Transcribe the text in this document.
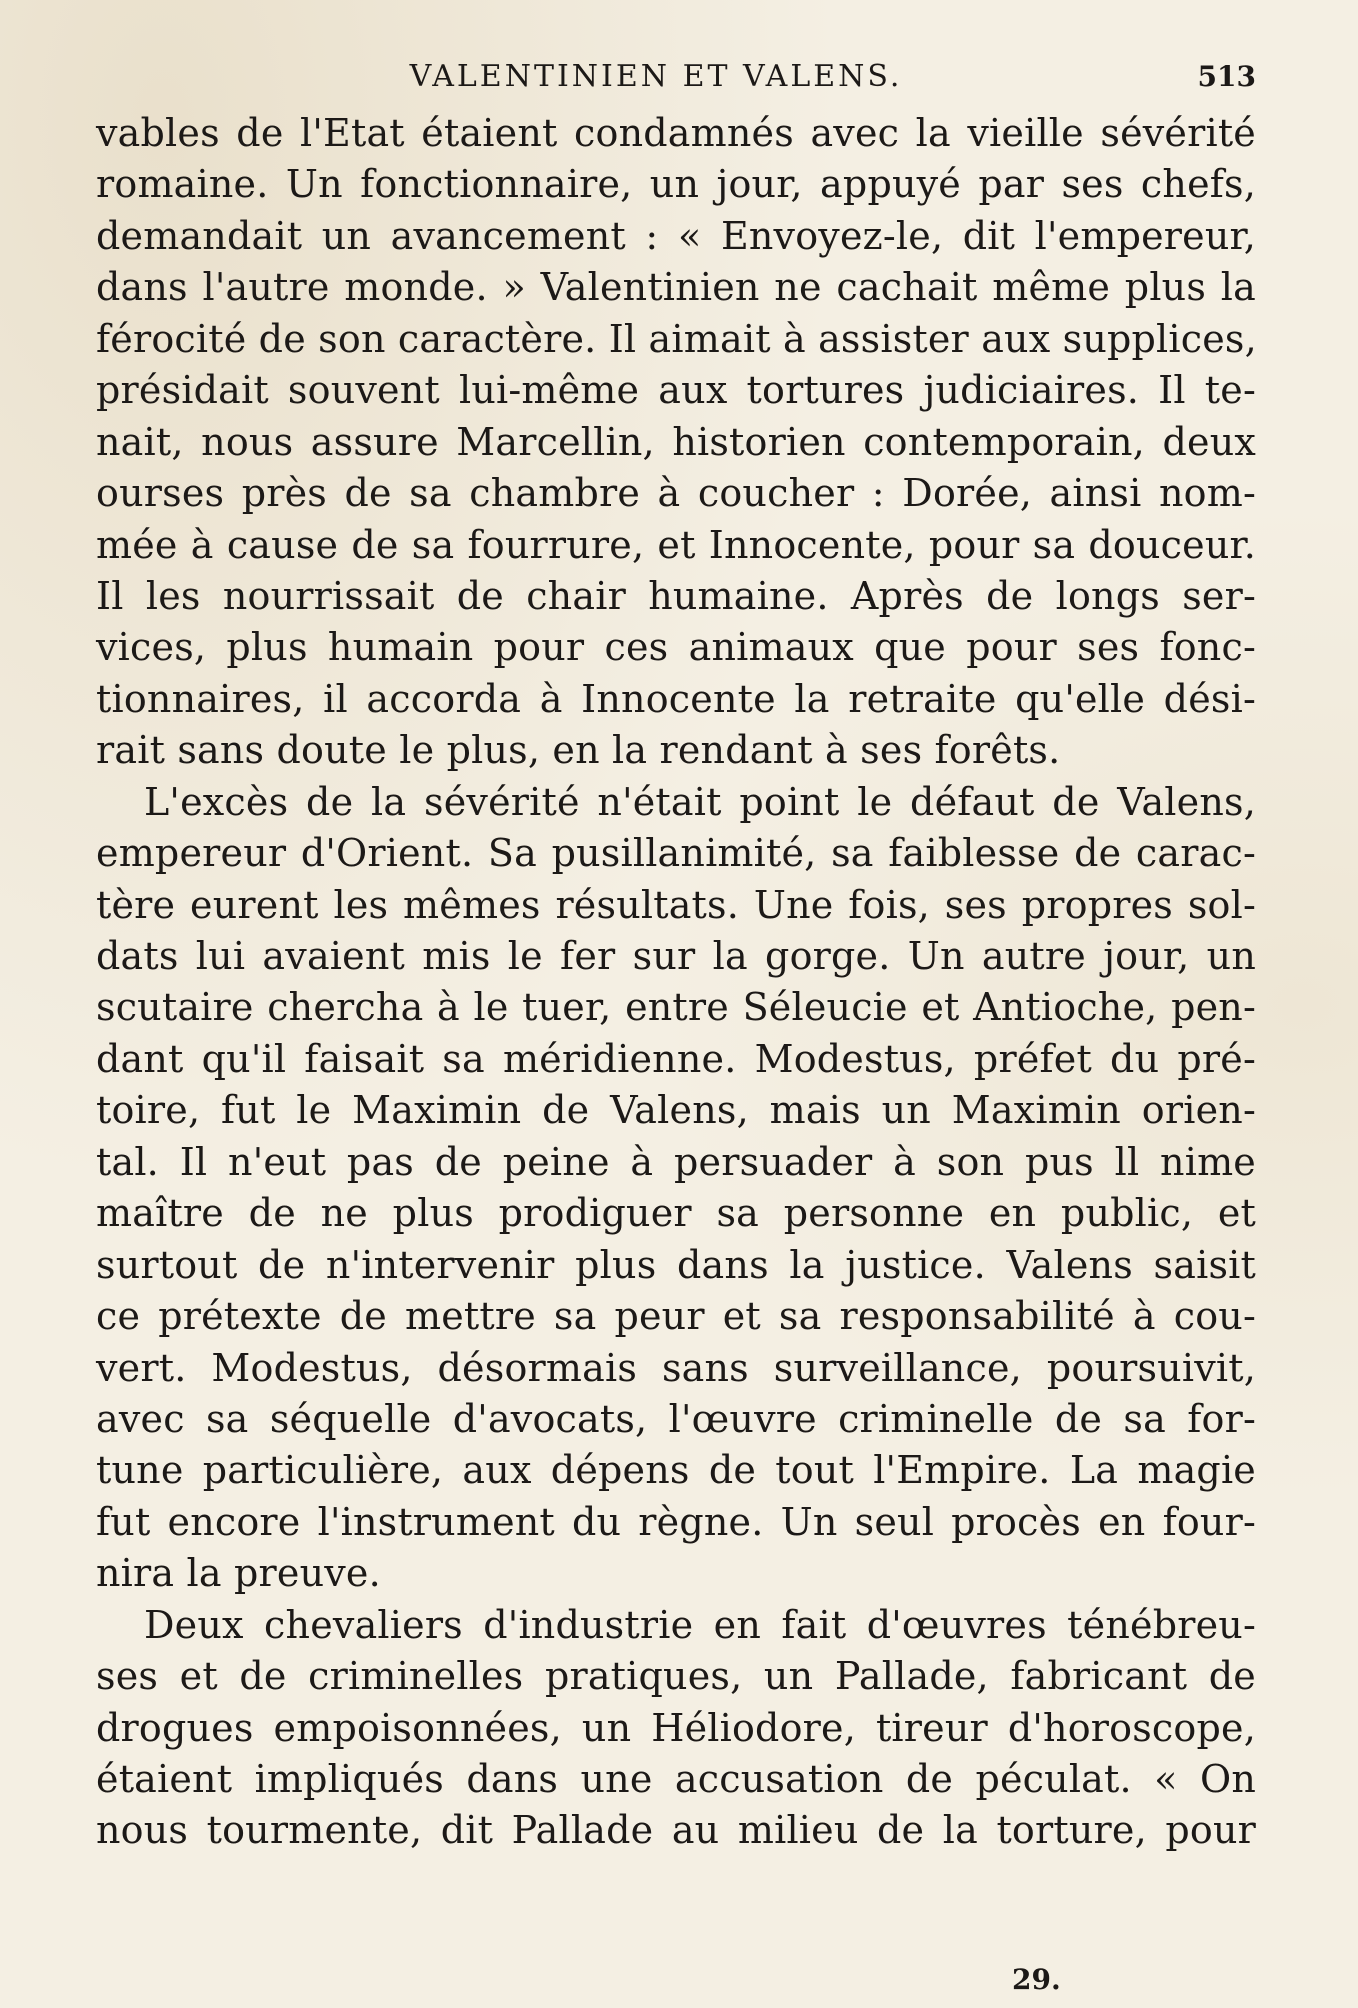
VALENTINIEN ET VALENS.	513
vables de l'Etat étaient condamnés avec la vieille sévérité
romaine. Un fonctionnaire, un jour, appuyé par ses chefs,
demandait un avancement : « Envoyez-le, dit l'empereur,
dans l'autre monde. » Valentinien ne cachait même plus la
férocité de son caractère. Il aimait à assister aux supplices,
présidait souvent lui-même aux tortures judiciaires. Il te-
nait, nous assure Marcellin, historien contemporain, deux
ourses près de sa chambre à coucher : Dorée, ainsi nom-
mée à cause de sa fourrure, et Innocente, pour sa douceur.
Il les nourrissait de chair humaine. Après de longs ser-
vices, plus humain pour ces animaux que pour ses fonc-
tionnaires, il accorda à Innocente la retraite qu'elle dési-
rait sans doute le plus, en la rendant à ses forêts.
L'excès de la sévérité n'était point le défaut de Valens,
empereur d'Orient. Sa pusillanimité, sa faiblesse de carac-
tère eurent les mêmes résultats. Une fois, ses propres sol-
dats lui avaient mis le fer sur la gorge. Un autre jour, un
scutaire chercha à le tuer, entre Séleucie et Antioche, pen-
dant qu'il faisait sa méridienne. Modestus, préfet du pré-
toire, fut le Maximin de Valens, mais un Maximin orien-
tal. Il n'eut pas de peine à persuader à son pus ll nime
maître de ne plus prodiguer sa personne en public, et
surtout de n'intervenir plus dans la justice. Valens saisit
ce prétexte de mettre sa peur et sa responsabilité à cou-
vert. Modestus, désormais sans surveillance, poursuivit,
avec sa séquelle d'avocats, l'œuvre criminelle de sa for-
tune particulière, aux dépens de tout l'Empire. La magie
fut encore l'instrument du règne. Un seul procès en four-
nira la preuve.
Deux chevaliers d'industrie en fait d'œuvres ténébreu-
ses et de criminelles pratiques, un Pallade, fabricant de
drogues empoisonnées, un Héliodore, tireur d'horoscope,
étaient impliqués dans une accusation de péculat. « On
nous tourmente, dit Pallade au milieu de la torture, pour
29.
